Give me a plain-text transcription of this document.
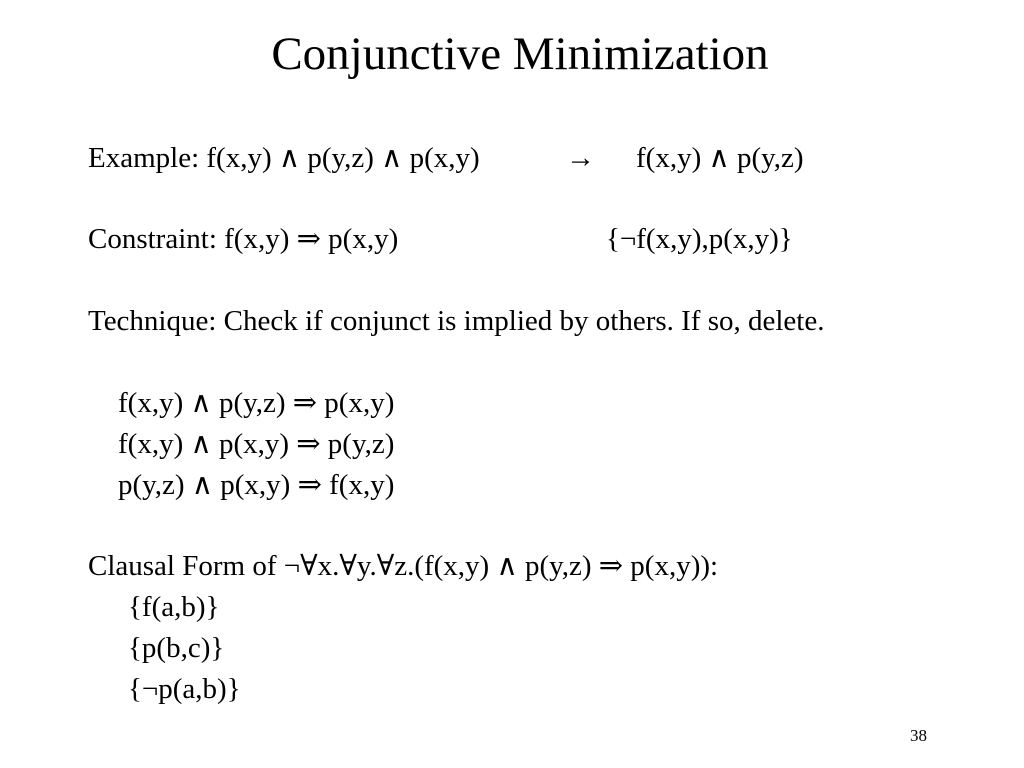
Conjunctive Minimization
Example: f(x,y) ∧ p(y,z) ∧ p(x,y)	→ f(x,y) ∧ p(y,z)
Constraint: f(x,y) ⇒ p(x,y)	{¬f(x,y),p(x,y)}
Technique: Check if conjunct is implied by others. If so, delete.
f(x,y) ∧ p(y,z) ⇒ p(x,y)
f(x,y) ∧ p(x,y) ⇒ p(y,z)
p(y,z) ∧ p(x,y) ⇒ f(x,y)
Clausal Form of ¬∀x.∀y.∀z.(f(x,y) ∧ p(y,z) ⇒ p(x,y)):
{f(a,b)}
{p(b,c)}
{¬p(a,b)}
38
